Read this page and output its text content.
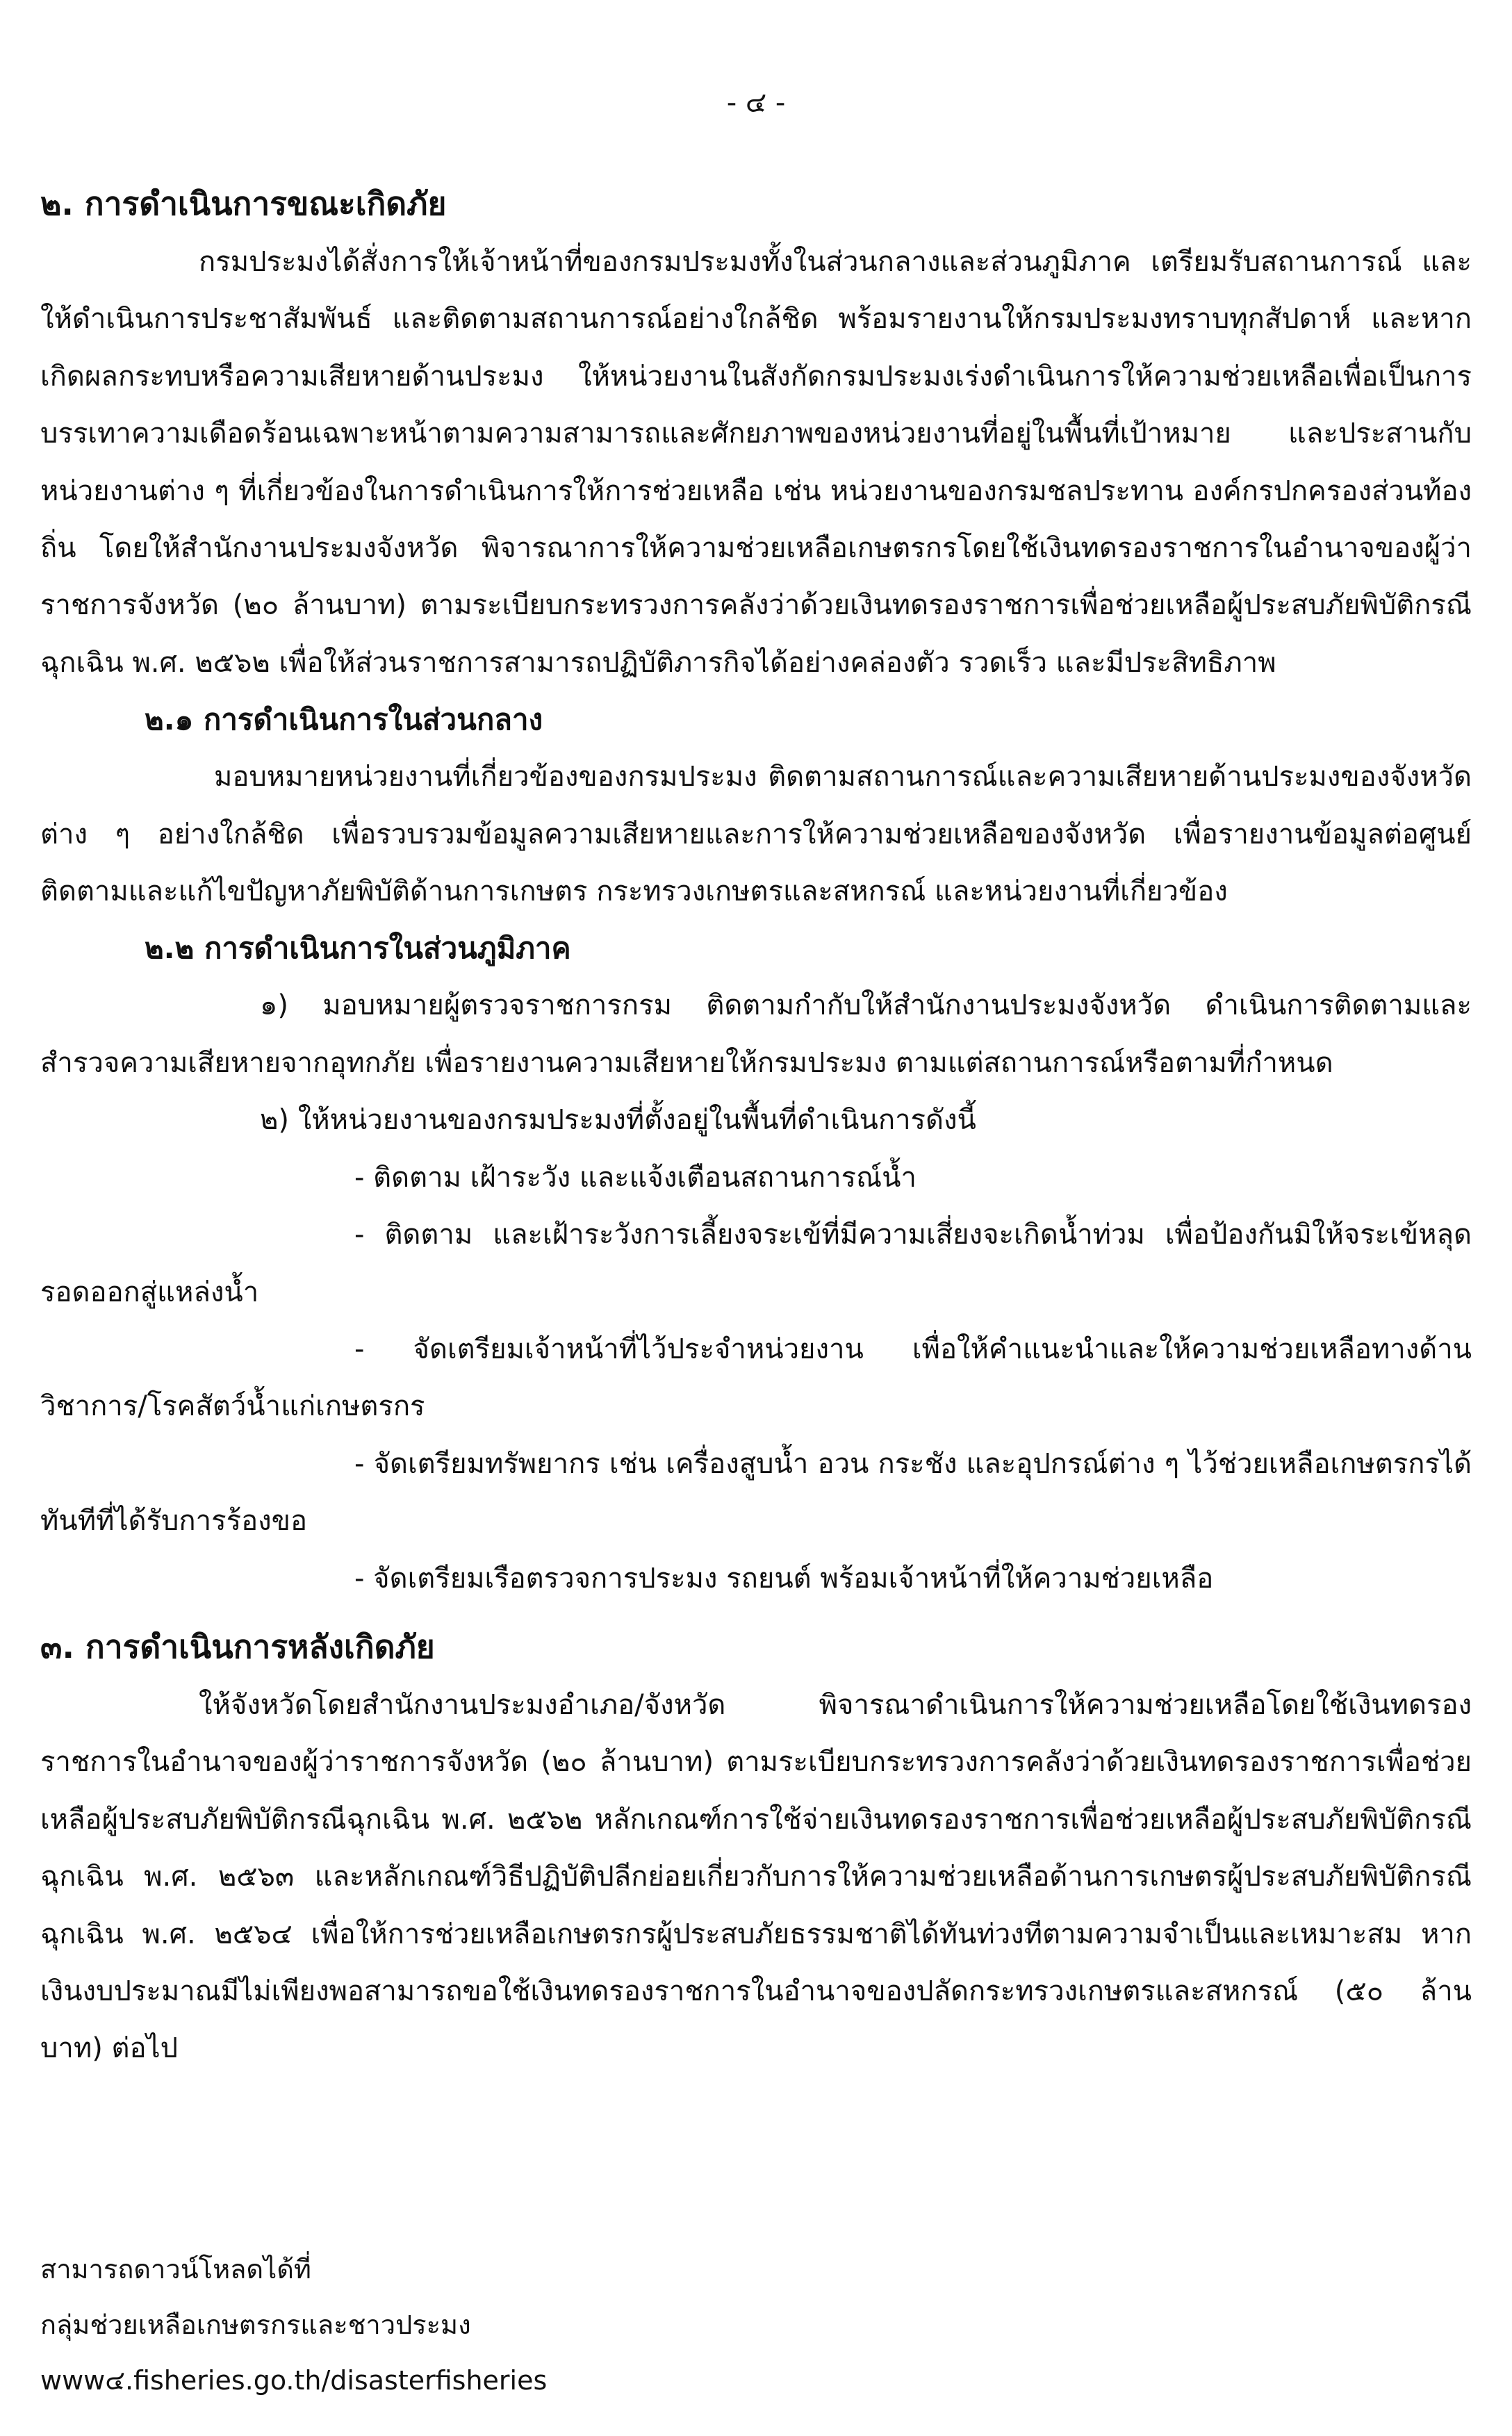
- ๔ -
๒. การดำเนินการขณะเกิดภัย

กรมประมงได้สั่งการให้เจ้าหน้าที่ของกรมประมงทั้งในส่วนกลางและส่วนภูมิภาค เตรียมรับสถานการณ์ และให้ดำเนินการประชาสัมพันธ์ และติดตามสถานการณ์อย่างใกล้ชิด พร้อมรายงานให้กรมประมงทราบทุกสัปดาห์ และหากเกิดผลกระทบหรือความเสียหายด้านประมง ให้หน่วยงานในสังกัดกรมประมงเร่งดำเนินการให้ความช่วยเหลือเพื่อเป็นการบรรเทาความเดือดร้อนเฉพาะหน้าตามความสามารถและศักยภาพของหน่วยงานที่อยู่ในพื้นที่เป้าหมาย และประสานกับหน่วยงานต่าง ๆ ที่เกี่ยวข้องในการดำเนินการให้การช่วยเหลือ เช่น หน่วยงานของกรมชลประทาน องค์กรปกครองส่วนท้องถิ่น โดยให้สำนักงานประมงจังหวัด พิจารณาการให้ความช่วยเหลือเกษตรกรโดยใช้เงินทดรองราชการในอำนาจของผู้ว่าราชการจังหวัด (๒๐ ล้านบาท) ตามระเบียบกระทรวงการคลังว่าด้วยเงินทดรองราชการเพื่อช่วยเหลือผู้ประสบภัยพิบัติกรณีฉุกเฉิน พ.ศ. ๒๕๖๒ เพื่อให้ส่วนราชการสามารถปฏิบัติภารกิจได้อย่างคล่องตัว รวดเร็ว และมีประสิทธิภาพ

๒.๑ การดำเนินการในส่วนกลาง

มอบหมายหน่วยงานที่เกี่ยวข้องของกรมประมง ติดตามสถานการณ์และความเสียหายด้านประมงของจังหวัดต่าง ๆ อย่างใกล้ชิด เพื่อรวบรวมข้อมูลความเสียหายและการให้ความช่วยเหลือของจังหวัด เพื่อรายงานข้อมูลต่อศูนย์ติดตามและแก้ไขปัญหาภัยพิบัติด้านการเกษตร กระทรวงเกษตรและสหกรณ์ และหน่วยงานที่เกี่ยวข้อง

๒.๒ การดำเนินการในส่วนภูมิภาค

๑) มอบหมายผู้ตรวจราชการกรม ติดตามกำกับให้สำนักงานประมงจังหวัด ดำเนินการติดตามและสำรวจความเสียหายจากอุทกภัย เพื่อรายงานความเสียหายให้กรมประมง ตามแต่สถานการณ์หรือตามที่กำหนด

๒) ให้หน่วยงานของกรมประมงที่ตั้งอยู่ในพื้นที่ดำเนินการดังนี้

- ติดตาม เฝ้าระวัง และแจ้งเตือนสถานการณ์น้ำ

- ติดตาม และเฝ้าระวังการเลี้ยงจระเข้ที่มีความเสี่ยงจะเกิดน้ำท่วม เพื่อป้องกันมิให้จระเข้หลุดรอดออกสู่แหล่งน้ำ

- จัดเตรียมเจ้าหน้าที่ไว้ประจำหน่วยงาน เพื่อให้คำแนะนำและให้ความช่วยเหลือทางด้านวิชาการ/โรคสัตว์น้ำแก่เกษตรกร

- จัดเตรียมทรัพยากร เช่น เครื่องสูบน้ำ อวน กระชัง และอุปกรณ์ต่าง ๆ ไว้ช่วยเหลือเกษตรกรได้ทันทีที่ได้รับการร้องขอ

- จัดเตรียมเรือตรวจการประมง รถยนต์ พร้อมเจ้าหน้าที่ให้ความช่วยเหลือ

๓. การดำเนินการหลังเกิดภัย

ให้จังหวัดโดยสำนักงานประมงอำเภอ/จังหวัด พิจารณาดำเนินการให้ความช่วยเหลือโดยใช้เงินทดรองราชการในอำนาจของผู้ว่าราชการจังหวัด (๒๐ ล้านบาท) ตามระเบียบกระทรวงการคลังว่าด้วยเงินทดรองราชการเพื่อช่วยเหลือผู้ประสบภัยพิบัติกรณีฉุกเฉิน พ.ศ. ๒๕๖๒ หลักเกณฑ์การใช้จ่ายเงินทดรองราชการเพื่อช่วยเหลือผู้ประสบภัยพิบัติกรณีฉุกเฉิน พ.ศ. ๒๕๖๓ และหลักเกณฑ์วิธีปฏิบัติปลีกย่อยเกี่ยวกับการให้ความช่วยเหลือด้านการเกษตรผู้ประสบภัยพิบัติกรณีฉุกเฉิน พ.ศ. ๒๕๖๔ เพื่อให้การช่วยเหลือเกษตรกรผู้ประสบภัยธรรมชาติได้ทันท่วงทีตามความจำเป็นและเหมาะสม หากเงินงบประมาณมีไม่เพียงพอสามารถขอใช้เงินทดรองราชการในอำนาจของปลัดกระทรวงเกษตรและสหกรณ์ (๕๐ ล้านบาท) ต่อไป

สามารถดาวน์โหลดได้ที่
กลุ่มช่วยเหลือเกษตรกรและชาวประมง
www๔.fisheries.go.th/disasterfisheries
